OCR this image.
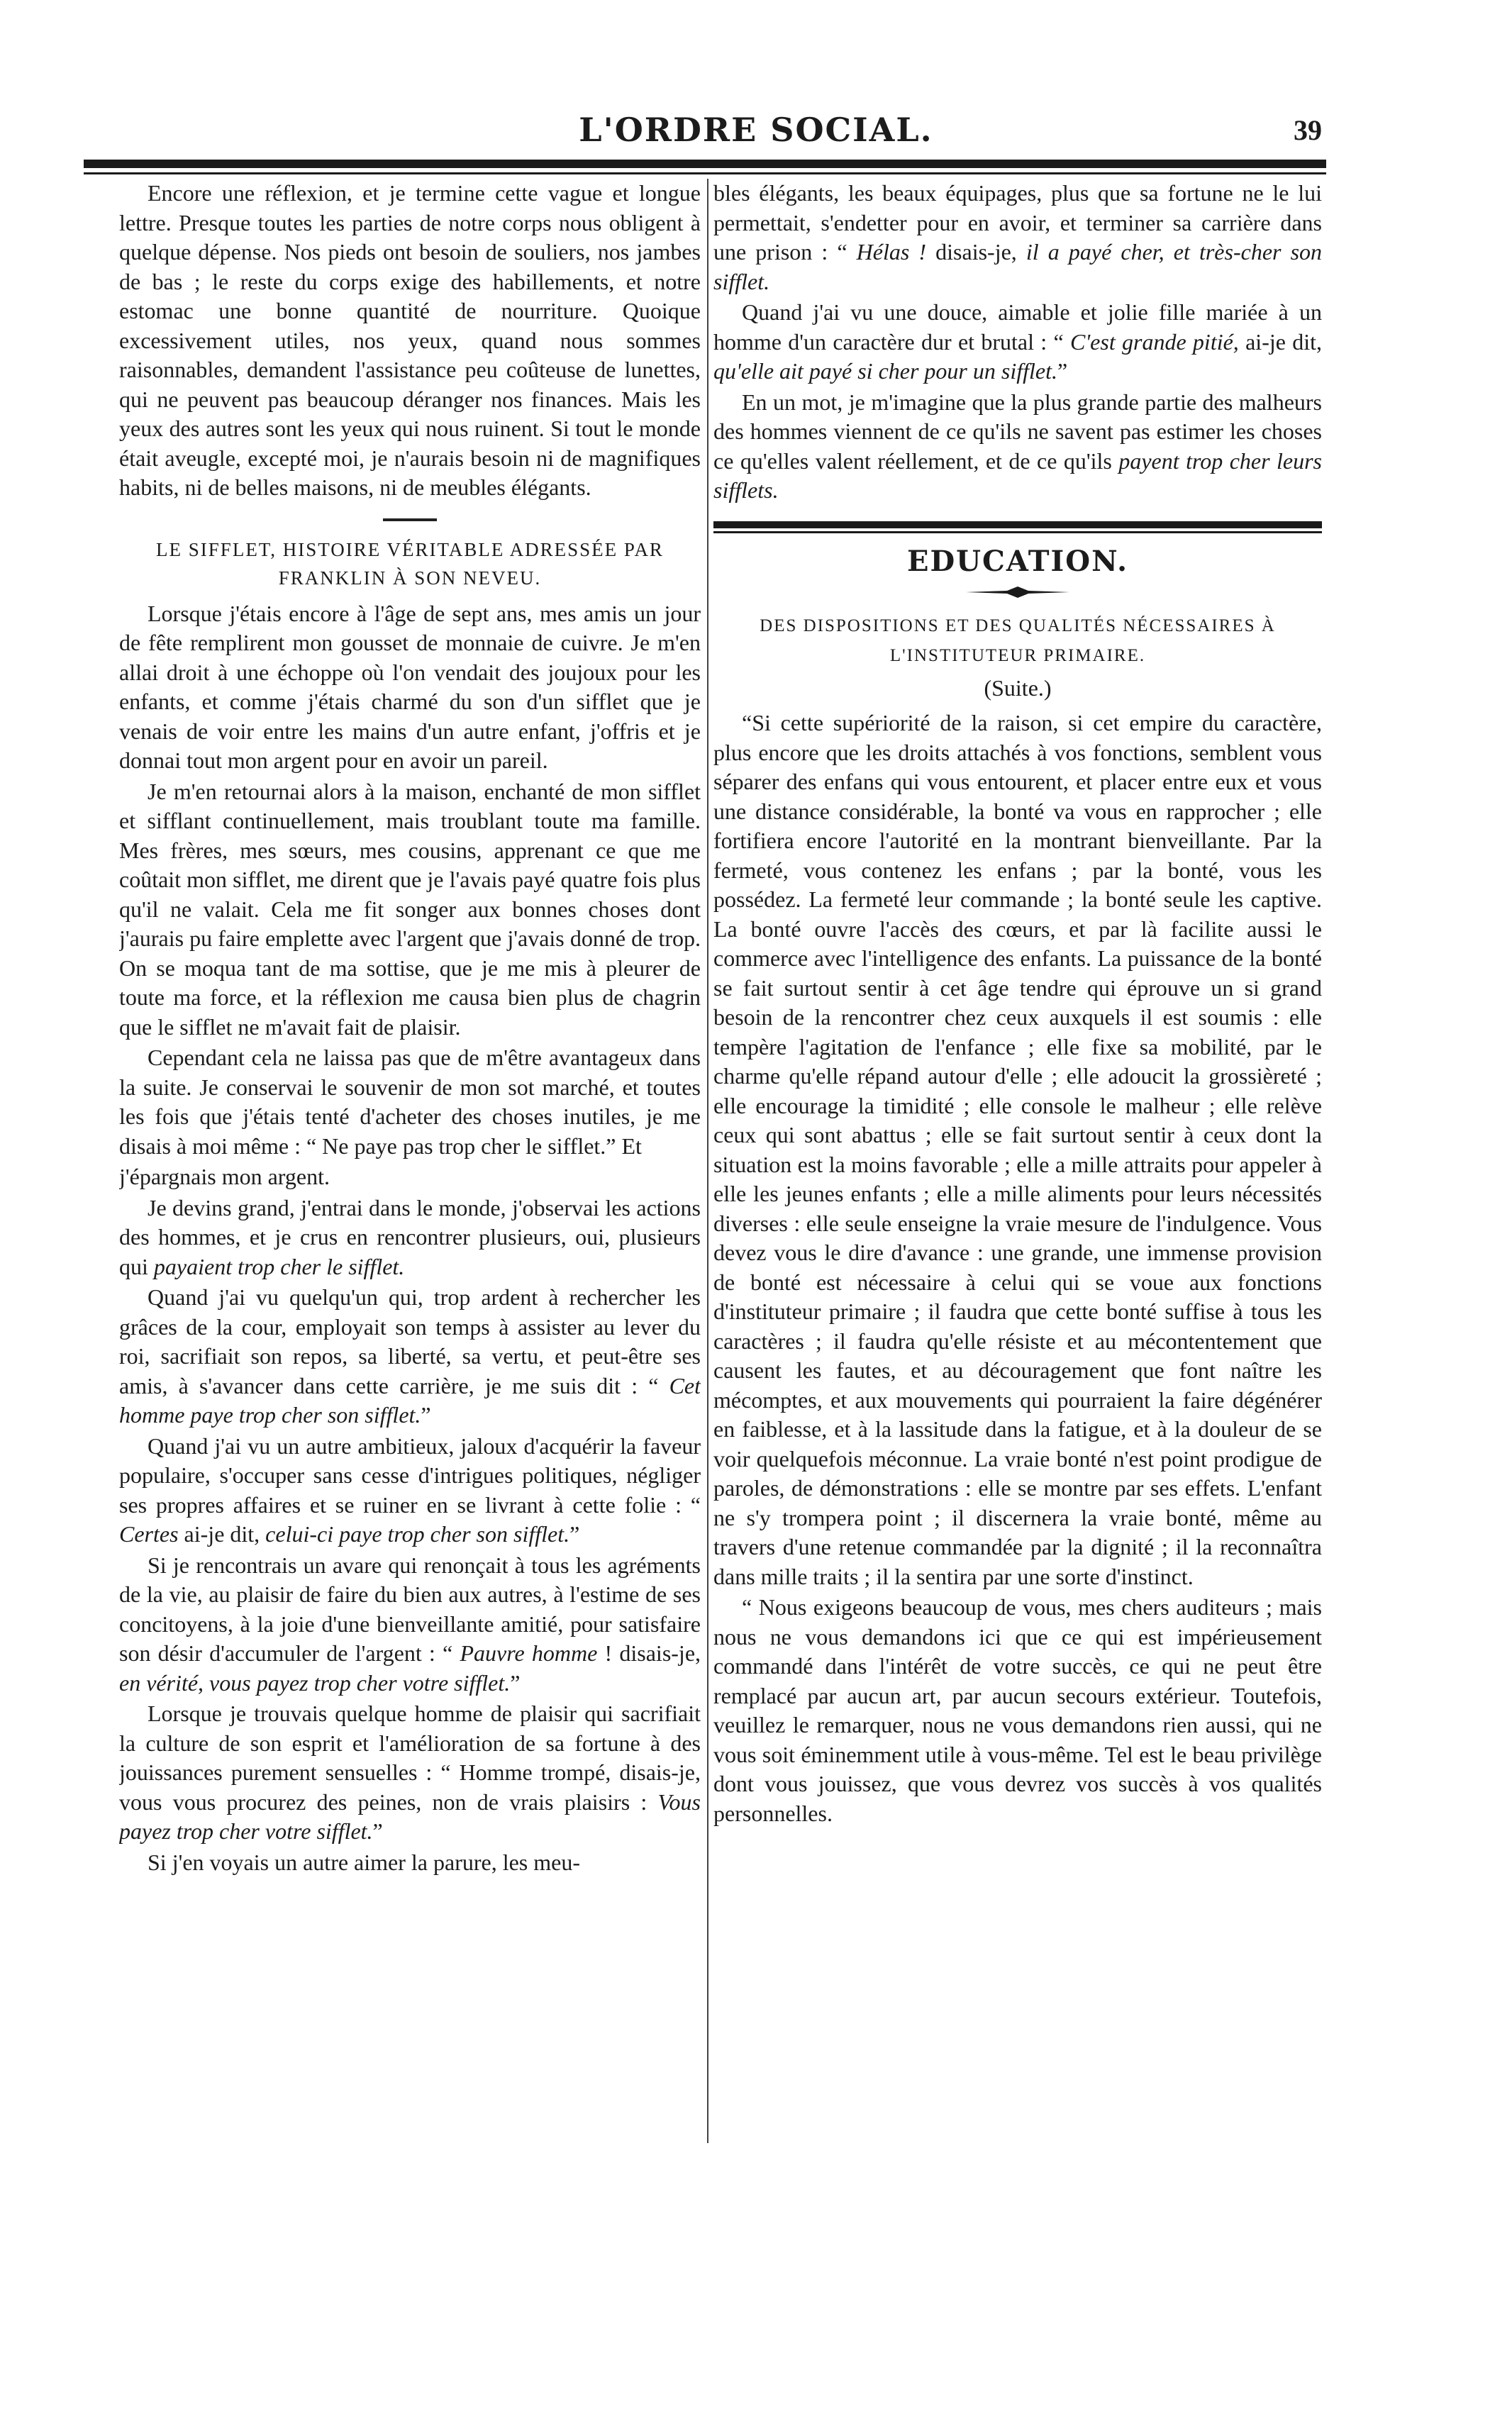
L'ORDRE SOCIAL.	39

Encore une réflexion, et je termine cette vague et longue lettre. Presque toutes les parties de notre corps nous obligent à quelque dépense. Nos pieds ont besoin de souliers, nos jambes de bas ; le reste du corps exige des habillements, et notre estomac une bonne quantité de nourriture. Quoique excessivement utiles, nos yeux, quand nous sommes raisonnables, demandent l'assistance peu coûteuse de lunettes, qui ne peuvent pas beaucoup déranger nos finances. Mais les yeux des autres sont les yeux qui nous ruinent. Si tout le monde était aveugle, excepté moi, je n'aurais besoin ni de magnifiques habits, ni de belles maisons, ni de meubles élégants.

LE SIFFLET, HISTOIRE VÉRITABLE ADRESSÉE PAR
FRANKLIN À SON NEVEU.

Lorsque j'étais encore à l'âge de sept ans, mes amis un jour de fête remplirent mon gousset de monnaie de cuivre. Je m'en allai droit à une échoppe où l'on vendait des joujoux pour les enfants, et comme j'étais charmé du son d'un sifflet que je venais de voir entre les mains d'un autre enfant, j'offris et je donnai tout mon argent pour en avoir un pareil.

Je m'en retournai alors à la maison, enchanté de mon sifflet et sifflant continuellement, mais troublant toute ma famille. Mes frères, mes sœurs, mes cousins, apprenant ce que me coûtait mon sifflet, me dirent que je l'avais payé quatre fois plus qu'il ne valait. Cela me fit songer aux bonnes choses dont j'aurais pu faire emplette avec l'argent que j'avais donné de trop. On se moqua tant de ma sottise, que je me mis à pleurer de toute ma force, et la réflexion me causa bien plus de chagrin que le sifflet ne m'avait fait de plaisir.

Cependant cela ne laissa pas que de m'être avantageux dans la suite. Je conservai le souvenir de mon sot marché, et toutes les fois que j'étais tenté d'acheter des choses inutiles, je me disais à moi même : “ Ne paye pas trop cher le sifflet.” Et

j'épargnais mon argent.

Je devins grand, j'entrai dans le monde, j'observai les actions des hommes, et je crus en rencontrer plusieurs, oui, plusieurs qui payaient trop cher le sifflet.

Quand j'ai vu quelqu'un qui, trop ardent à rechercher les grâces de la cour, employait son temps à assister au lever du roi, sacrifiait son repos, sa liberté, sa vertu, et peut-être ses amis, à s'avancer dans cette carrière, je me suis dit : “ Cet homme paye trop cher son sifflet.”

Quand j'ai vu un autre ambitieux, jaloux d'acquérir la faveur populaire, s'occuper sans cesse d'intrigues politiques, négliger ses propres affaires et se ruiner en se livrant à cette folie : “ Certes ai-je dit, celui-ci paye trop cher son sifflet.”

Si je rencontrais un avare qui renonçait à tous les agréments de la vie, au plaisir de faire du bien aux autres, à l'estime de ses concitoyens, à la joie d'une bienveillante amitié, pour satisfaire son désir d'accumuler de l'argent : “ Pauvre homme ! disais-je, en vérité, vous payez trop cher votre sifflet.”

Lorsque je trouvais quelque homme de plaisir qui sacrifiait la culture de son esprit et l'amélioration de sa fortune à des jouissances purement sensuelles : “ Homme trompé, disais-je, vous vous procurez des peines, non de vrais plaisirs : Vous payez trop cher votre sifflet.”

Si j'en voyais un autre aimer la parure, les meu-

bles élégants, les beaux équipages, plus que sa fortune ne le lui permettait, s'endetter pour en avoir, et terminer sa carrière dans une prison : “ Hélas ! disais-je, il a payé cher, et très-cher son sifflet.

Quand j'ai vu une douce, aimable et jolie fille mariée à un homme d'un caractère dur et brutal : “ C'est grande pitié, ai-je dit, qu'elle ait payé si cher pour un sifflet.”

En un mot, je m'imagine que la plus grande partie des malheurs des hommes viennent de ce qu'ils ne savent pas estimer les choses ce qu'elles valent réellement, et de ce qu'ils payent trop cher leurs sifflets.

EDUCATION.
DES DISPOSITIONS ET DES QUALITÉS NÉCESSAIRES À
L'INSTITUTEUR PRIMAIRE.
(Suite.)

“Si cette supériorité de la raison, si cet empire du caractère, plus encore que les droits attachés à vos fonctions, semblent vous séparer des enfans qui vous entourent, et placer entre eux et vous une distance considérable, la bonté va vous en rapprocher ; elle fortifiera encore l'autorité en la montrant bienveillante. Par la fermeté, vous contenez les enfans ; par la bonté, vous les possédez. La fermeté leur commande ; la bonté seule les captive. La bonté ouvre l'accès des cœurs, et par là facilite aussi le commerce avec l'intelligence des enfants. La puissance de la bonté se fait surtout sentir à cet âge tendre qui éprouve un si grand besoin de la rencontrer chez ceux auxquels il est soumis : elle tempère l'agitation de l'enfance ; elle fixe sa mobilité, par le charme qu'elle répand autour d'elle ; elle adoucit la grossièreté ; elle encourage la timidité ; elle console le malheur ; elle relève ceux qui sont abattus ; elle se fait surtout sentir à ceux dont la situation est la moins favorable ; elle a mille attraits pour appeler à elle les jeunes enfants ; elle a mille aliments pour leurs nécessités diverses : elle seule enseigne la vraie mesure de l'indulgence. Vous devez vous le dire d'avance : une grande, une immense provision de bonté est nécessaire à celui qui se voue aux fonctions d'instituteur primaire ; il faudra que cette bonté suffise à tous les caractères ; il faudra qu'elle résiste et au mécontentement que causent les fautes, et au découragement que font naître les mécomptes, et aux mouvements qui pourraient la faire dégénérer en faiblesse, et à la lassitude dans la fatigue, et à la douleur de se voir quelquefois méconnue. La vraie bonté n'est point prodigue de paroles, de démonstrations : elle se montre par ses effets. L'enfant ne s'y trompera point ; il discernera la vraie bonté, même au travers d'une retenue commandée par la dignité ; il la reconnaîtra dans mille traits ; il la sentira par une sorte d'instinct.

“ Nous exigeons beaucoup de vous, mes chers auditeurs ; mais nous ne vous demandons ici que ce qui est impérieusement commandé dans l'intérêt de votre succès, ce qui ne peut être remplacé par aucun art, par aucun secours extérieur. Toutefois, veuillez le remarquer, nous ne vous demandons rien aussi, qui ne vous soit éminemment utile à vous-même. Tel est le beau privilège dont vous jouissez, que vous devrez vos succès à vos qualités personnelles.
